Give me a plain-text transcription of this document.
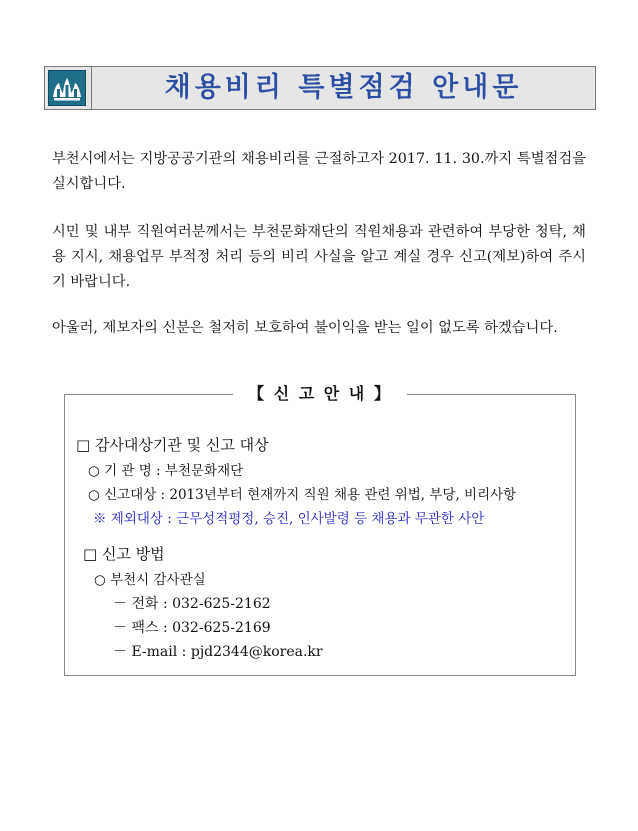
채용비리 특별점검 안내문

부천시에서는 지방공공기관의 채용비리를 근절하고자 2017. 11. 30.까지 특별점검을 실시합니다.

시민 및 내부 직원여러분께서는 부천문화재단의 직원채용과 관련하여 부당한 청탁, 채용 지시, 채용업무 부적정 처리 등의 비리 사실을 알고 계실 경우 신고(제보)하여 주시기 바랍니다.

아울러, 제보자의 신분은 철저히 보호하여 불이익을 받는 일이 없도록 하겠습니다.

【 신 고 안 내 】
□ 감사대상기관 및 신고 대상
○ 기 관 명 : 부천문화재단
○ 신고대상 : 2013년부터 현재까지 직원 채용 관련 위법, 부당, 비리사항
※ 제외대상 : 근무성적평정, 승진, 인사발령 등 채용과 무관한 사안
□ 신고 방법
○ 부천시 감사관실
－ 전화 : 032-625-2162
－ 팩스 : 032-625-2169
－ E-mail : pjd2344@korea.kr
